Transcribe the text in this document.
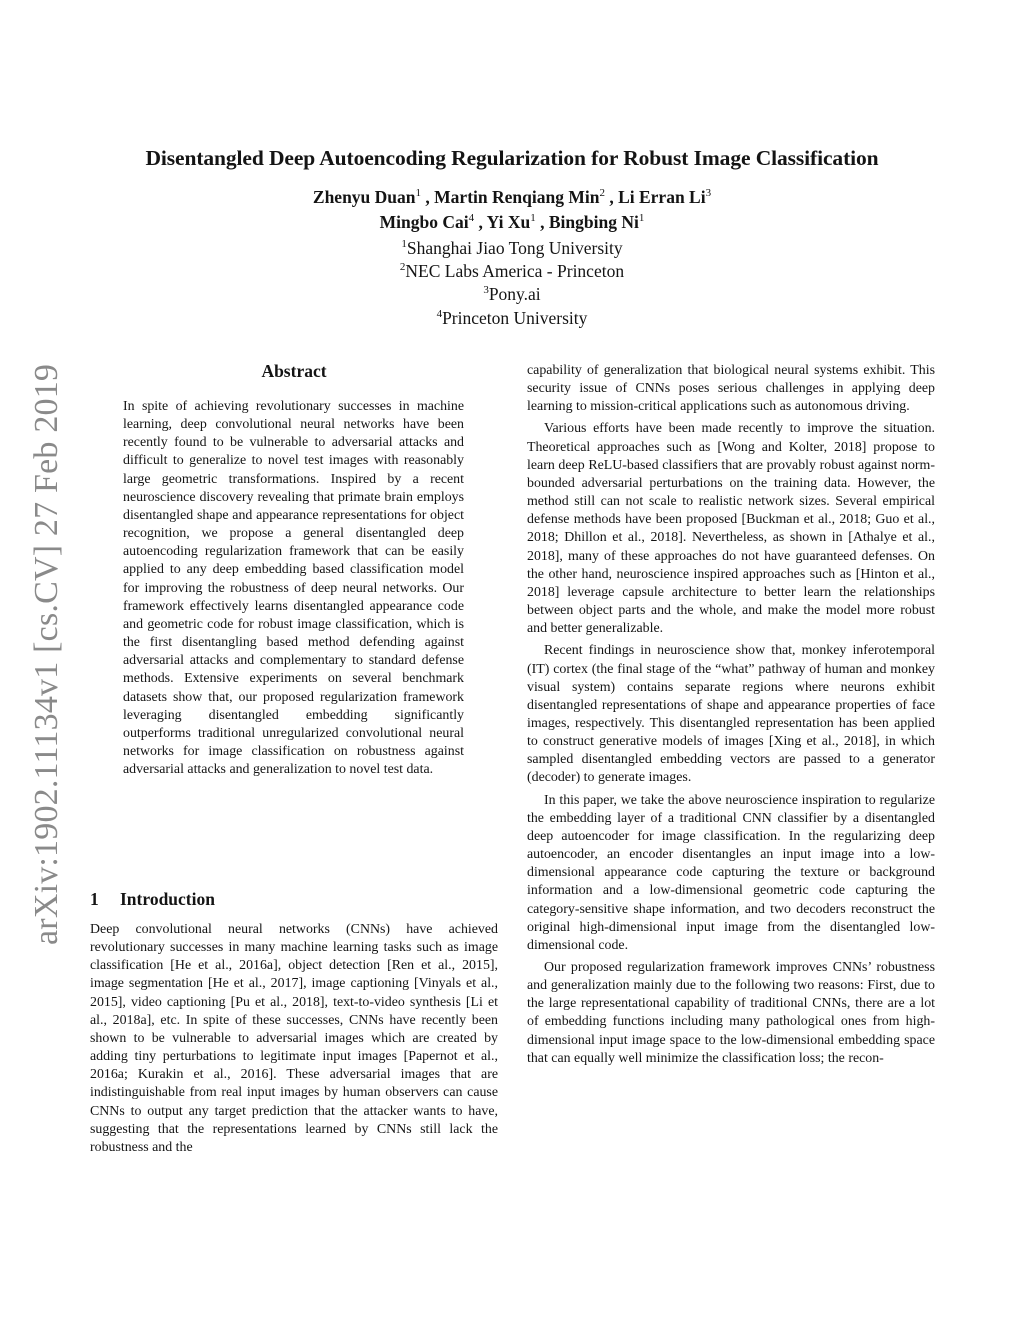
arXiv:1902.11134v1 [cs.CV] 27 Feb 2019
Disentangled Deep Autoencoding Regularization for Robust Image Classification
Zhenyu Duan$^1$ , Martin Renqiang Min$^2$ , Li Erran Li$^3$
Mingbo Cai$^4$ , Yi Xu$^1$ , Bingbing Ni$^1$
$^1$Shanghai Jiao Tong University
$^2$NEC Labs America - Princeton
$^3$Pony.ai
$^4$Princeton University
Abstract
In spite of achieving revolutionary successes in machine learning, deep convolutional neural networks have been recently found to be vulnerable to adversarial attacks and difficult to generalize to novel test images with reasonably large geometric transformations. Inspired by a recent neuroscience discovery revealing that primate brain employs disentangled shape and appearance representations for object recognition, we propose a general disentangled deep autoencoding regularization framework that can be easily applied to any deep embedding based classification model for improving the robustness of deep neural networks. Our framework effectively learns disentangled appearance code and geometric code for robust image classification, which is the first disentangling based method defending against adversarial attacks and complementary to standard defense methods. Extensive experiments on several benchmark datasets show that, our proposed regularization framework leveraging disentangled embedding significantly outperforms traditional unregularized convolutional neural networks for image classification on robustness against adversarial attacks and generalization to novel test data.
1 Introduction

Deep convolutional neural networks (CNNs) have achieved revolutionary successes in many machine learning tasks such as image classification [He et al., 2016a], object detection [Ren et al., 2015], image segmentation [He et al., 2017], image captioning [Vinyals et al., 2015], video captioning [Pu et al., 2018], text-to-video synthesis [Li et al., 2018a], etc. In spite of these successes, CNNs have recently been shown to be vulnerable to adversarial images which are created by adding tiny perturbations to legitimate input images [Papernot et al., 2016a; Kurakin et al., 2016]. These adversarial images that are indistinguishable from real input images by human observers can cause CNNs to output any target prediction that the attacker wants to have, suggesting that the representations learned by CNNs still lack the robustness and the

capability of generalization that biological neural systems exhibit. This security issue of CNNs poses serious challenges in applying deep learning to mission-critical applications such as autonomous driving.

Various efforts have been made recently to improve the situation. Theoretical approaches such as [Wong and Kolter, 2018] propose to learn deep ReLU-based classifiers that are provably robust against norm-bounded adversarial perturbations on the training data. However, the method still can not scale to realistic network sizes. Several empirical defense methods have been proposed [Buckman et al., 2018; Guo et al., 2018; Dhillon et al., 2018]. Nevertheless, as shown in [Athalye et al., 2018], many of these approaches do not have guaranteed defenses. On the other hand, neuroscience inspired approaches such as [Hinton et al., 2018] leverage capsule architecture to better learn the relationships between object parts and the whole, and make the model more robust and better generalizable.

Recent findings in neuroscience show that, monkey inferotemporal (IT) cortex (the final stage of the “what” pathway of human and monkey visual system) contains separate regions where neurons exhibit disentangled representations of shape and appearance properties of face images, respectively. This disentangled representation has been applied to construct generative models of images [Xing et al., 2018], in which sampled disentangled embedding vectors are passed to a generator (decoder) to generate images.

In this paper, we take the above neuroscience inspiration to regularize the embedding layer of a traditional CNN classifier by a disentangled deep autoencoder for image classification. In the regularizing deep autoencoder, an encoder disentangles an input image into a low-dimensional appearance code capturing the texture or background information and a low-dimensional geometric code capturing the category-sensitive shape information, and two decoders reconstruct the original high-dimensional input image from the disentangled low-dimensional code.

Our proposed regularization framework improves CNNs’ robustness and generalization mainly due to the following two reasons: First, due to the large representational capability of traditional CNNs, there are a lot of embedding functions including many pathological ones from high-dimensional input image space to the low-dimensional embedding space that can equally well minimize the classification loss; the recon-
